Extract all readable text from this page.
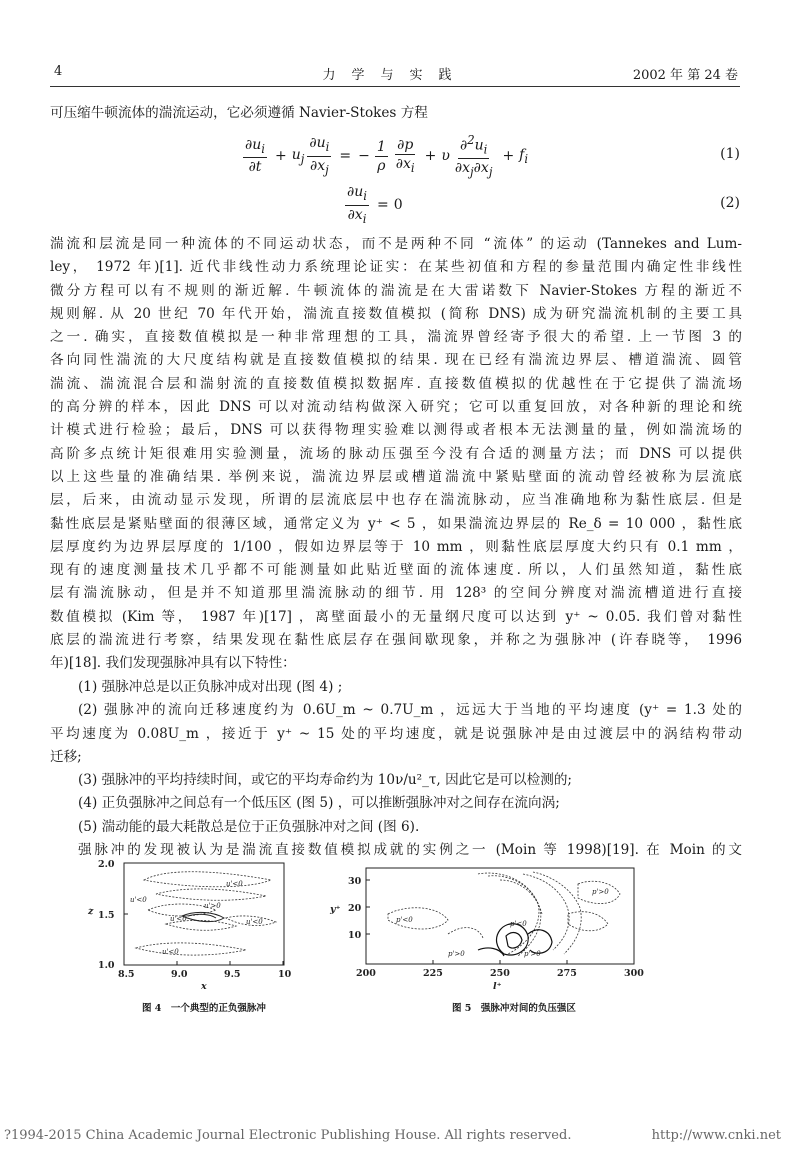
4	力学与实践	2002 年 第 24 卷
可压缩牛顿流体的湍流运动，它必须遵循 Navier-Stokes 方程
$\frac{\partial u_i}{\partial t} + u_j \frac{\partial u_i}{\partial x_j}$ = − $\frac{1}{\rho} \frac{\partial p}{\partial x_i} + \upsilon \frac{\partial^2u_i}{\partial x_j\partial x_j} + f_i$	(1)
$\frac{\partial u_i}{\partial x_i} = 0$	(2)
湍流和层流是同一种流体的不同运动状态，而不是两种不同 “流体” 的运动 (Tannekes and Lum-
ley， 1972 年)[1]. 近代非线性动力系统理论证实：在某些初值和方程的参量范围内确定性非线性
微分方程可以有不规则的渐近解. 牛顿流体的湍流是在大雷诺数下 Navier-Stokes 方程的渐近不
规则解. 从 20 世纪 70 年代开始，湍流直接数值模拟 (简称 DNS) 成为研究湍流机制的主要工具
之一. 确实，直接数值模拟是一种非常理想的工具，湍流界曾经寄予很大的希望. 上一节图 3 的
各向同性湍流的大尺度结构就是直接数值模拟的结果. 现在已经有湍流边界层、槽道湍流、圆管
湍流、湍流混合层和湍射流的直接数值模拟数据库. 直接数值模拟的优越性在于它提供了湍流场
的高分辨的样本，因此 DNS 可以对流动结构做深入研究；它可以重复回放，对各种新的理论和统
计模式进行检验；最后，DNS 可以获得物理实验难以测得或者根本无法测量的量，例如湍流场的
高阶多点统计矩很难用实验测量，流场的脉动压强至今没有合适的测量方法；而 DNS 可以提供
以上这些量的准确结果. 举例来说，湍流边界层或槽道湍流中紧贴壁面的流动曾经被称为层流底
层，后来，由流动显示发现，所谓的层流底层中也存在湍流脉动，应当准确地称为黏性底层. 但是
黏性底层是紧贴壁面的很薄区域，通常定义为 y⁺ < 5 ，如果湍流边界层的 Re_δ = 10 000 ，黏性底
层厚度约为边界层厚度的 1/100 ，假如边界层等于 10 mm ，则黏性底层厚度大约只有 0.1 mm ，
现有的速度测量技术几乎都不可能测量如此贴近壁面的流体速度. 所以，人们虽然知道，黏性底
层有湍流脉动，但是并不知道那里湍流脉动的细节. 用 128³ 的空间分辨度对湍流槽道进行直接
数值模拟 (Kim 等， 1987 年)[17] ，离壁面最小的无量纲尺度可以达到 y⁺ ~ 0.05. 我们曾对黏性
底层的湍流进行考察，结果发现在黏性底层存在强间歇现象，并称之为强脉冲 (许春晓等， 1996
年)[18]. 我们发现强脉冲具有以下特性：
(1) 强脉冲总是以正负脉冲成对出现 (图 4) ;
(2) 强脉冲的流向迁移速度约为 0.6U_m ~ 0.7U_m ，远远大于当地的平均速度 (y⁺ = 1.3 处的
平均速度为 0.08U_m ，接近于 y⁺ ~ 15 处的平均速度，就是说强脉冲是由过渡层中的涡结构带动
迁移;
(3) 强脉冲的平均持续时间，或它的平均寿命约为 10ν/u²_τ, 因此它是可以检测的;
(4) 正负强脉冲之间总有一个低压区 (图 5) ，可以推断强脉冲对之间存在流向涡;
(5) 湍动能的最大耗散总是位于正负强脉冲对之间 (图 6).
强脉冲的发现被认为是湍流直接数值模拟成就的实例之一 (Moin 等 1998)[19]. 在 Moin 的文
u'<0
u'<0
u'>0
u'<0	u'<0
u'<0
2.0
1.5
1.0
z
8.5	9.0	9.5	10
x
图 4　一个典型的正负强脉冲
p'>0
p'<0	p'<0
p'>0	p'>0
30
20
10
y⁺
200	225	250	275	300
l⁺
图 5　强脉冲对间的负压强区
?1994-2015 China Academic Journal Electronic Publishing House. All rights reserved.	http://www.cnki.net
